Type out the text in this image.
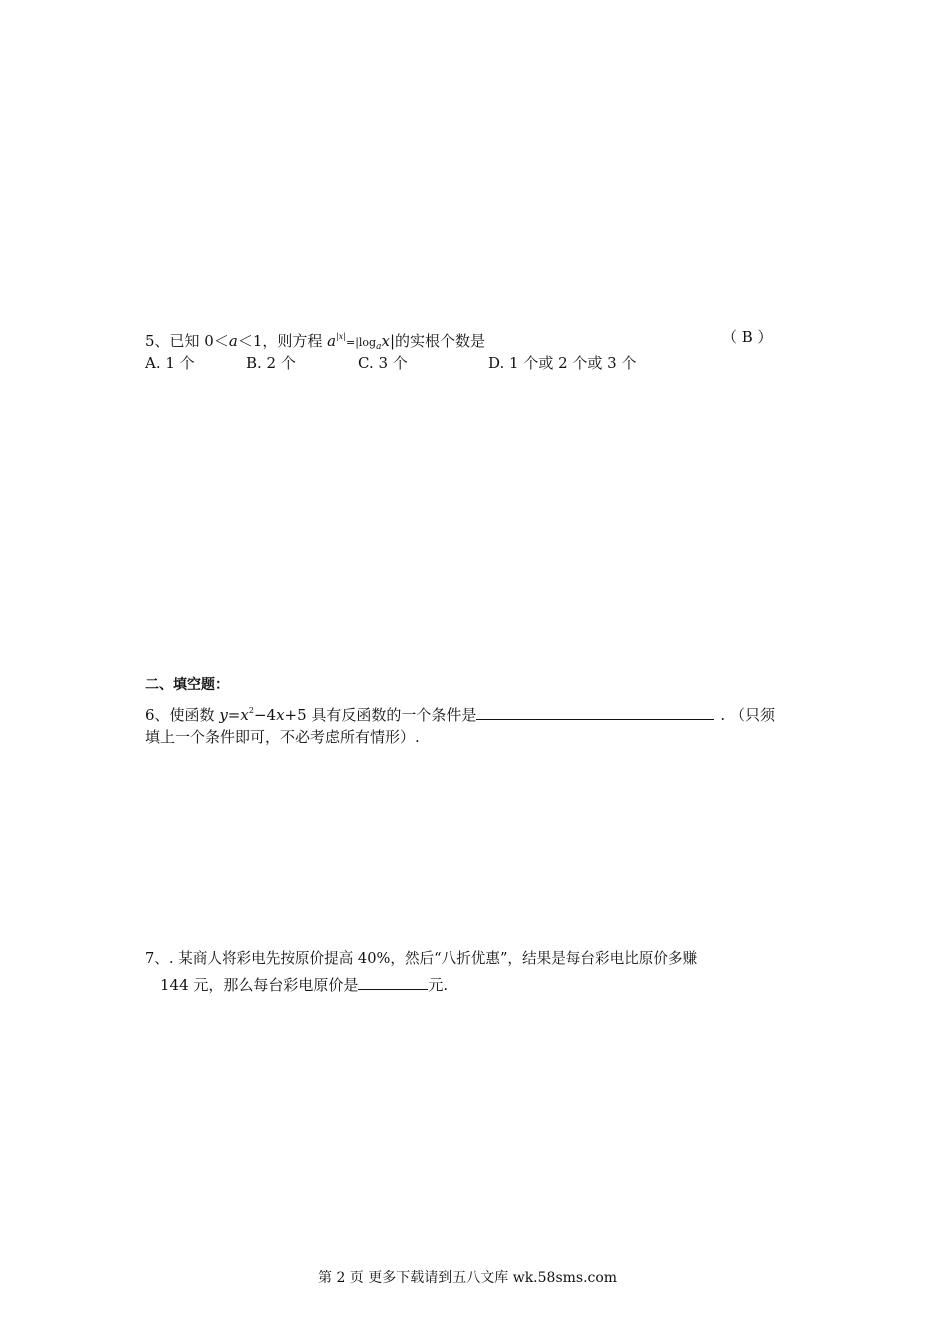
5、已知 0＜a＜1，则方程 $a^{|x|}=|\log_ax|$的实根个数是	（ B ）
A. 1 个	B. 2 个	C. 3 个	D. 1 个或 2 个或 3 个
二、填空题：
6、使函数 $y=x^2-4x+5$ 具有反函数的一个条件是	. （只须
填上一个条件即可，不必考虑所有情形）.
7、. 某商人将彩电先按原价提高 40%，然后“八折优惠”，结果是每台彩电比原价多赚
144 元，那么每台彩电原价是	元.
第 2 页 更多下载请到五八文库 wk.58sms.com
